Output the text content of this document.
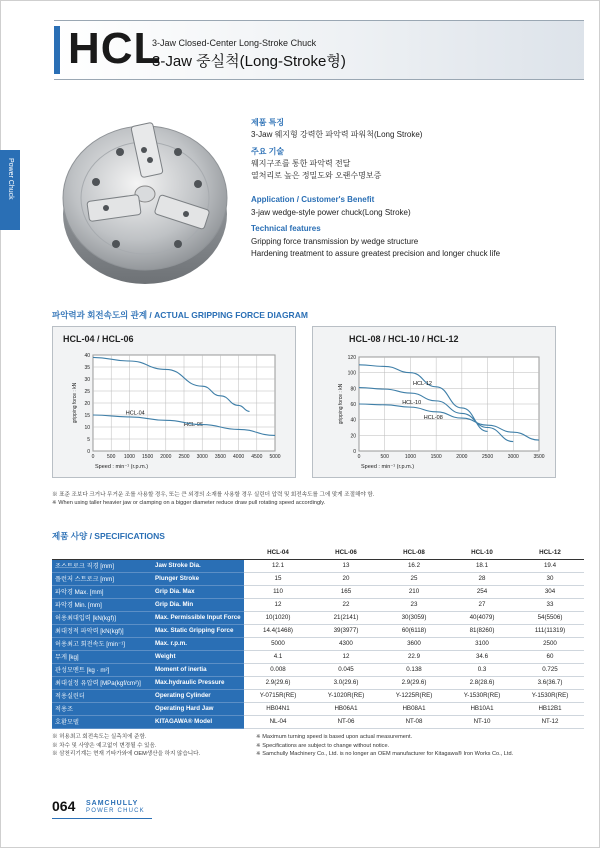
HCL
3-Jaw Closed-Center Long-Stroke Chuck
3-Jaw 중실척(Long-Stroke형)
Power Chuck
제품 특징
3-Jaw 웨지형 강력한 파악력 파워척(Long Stroke)
주요 기술
웨지구조를 통한 파악력 전달
열처리로 높은 정밀도와 오랜수명보증
Application / Customer's Benefit
3-jaw wedge-style power chuck(Long Stroke)
Technical features
Gripping force transmission by wedge structure
Hardening treatment to assure greatest precision and longer chuck life
파악력과 회전속도의 관계 / ACTUAL GRIPPING FORCE DIAGRAM
HCL-04 / HCL-06
0
5
10
15
20
25
30
35
40
0	500 1000 1500 2000 2500 3000 3500 4000 4500 5000
Speed : min⁻¹ (r.p.m.)
gripping force : kN
HCL-06
HCL-04
HCL-08 / HCL-10 / HCL-12
0
20
40
60
80
100
120
0	500	1000	1500	2000	2500	3000	3500
Speed : min⁻¹ (r.p.m.)
gripping force : kN	HCL-12
HCL-10
HCL-08
※ 표준 조보다 크거나 무거운 조를 사용할 경우, 또는 큰 외경의 소재를 사용할 경우 실린더 압력 및 회전속도를 그에 맞게 조절해야 함.
※ When using taller heavier jaw or clamping on a bigger diameter reduce draw pull rotating speed accordingly.
제품 사양 / SPECIFICATIONS
		HCL-04	HCL-06	HCL-08	HCL-10	HCL-12
조스트로크 직경 [mm]	Jaw Stroke Dia.	12.1	13	16.2	18.1	19.4
플런저 스트로크 [mm]	Plunger Stroke	15	20	25	28	30
파악경 Max. [mm]	Grip Dia. Max	110	165	210	254	304
파악경 Min. [mm]	Grip Dia. Min	12	22	23	27	33
허용최대입력 [kN(kgf)]	Max. Permissible Input Force	10(1020)	21(2141)	30(3059)	40(4079)	54(5506)
최대정적 파악력 [kN(kgf)]	Max. Static Gripping Force	14.4(1468)	39(3977)	60(6118)	81(8260)	111(11319)
허용최고 회전속도 [min⁻¹]	Max. r.p.m.	5000	4300	3600	3100	2500
무게 [kg]	Weight	4.1	12	22.9	34.6	60
관성모멘트 [kg · m²]	Moment of inertia	0.008	0.045	0.138	0.3	0.725
최대설정 유압력 [MPa(kgf/cm²)]	Max.hydraulic Pressure	2.9(29.6)	3.0(29.6)	2.9(29.6)	2.8(28.6)	3.6(36.7)
적용실린더	Operating Cylinder	Y-0715R(RE)	Y-1020R(RE)	Y-1225R(RE)	Y-1530R(RE)	Y-1530R(RE)
적용조	Operating Hard Jaw	HB04N1	HB06A1	HB08A1	HB10A1	HB12B1
호환모델	KITAGAWA® Model	NL-04	NT-06	NT-08	NT-10	NT-12
※ 허용최고 회전속도는 실측치에 준함.
※ 차수 및 사양은 예고없이 변경될 수 있음.
※ 삼천리기계는 현재 기타가와에 OEM생산을 하지 않습니다.
※ Maximum turning speed is based upon actual measurement.
※ Specifications are subject to change without notice.
※ Samchully Machinery Co., Ltd. is no longer an OEM manufacturer for Kitagawa® Iron Works Co., Ltd.
064 SAMCHULLY
POWER CHUCK
